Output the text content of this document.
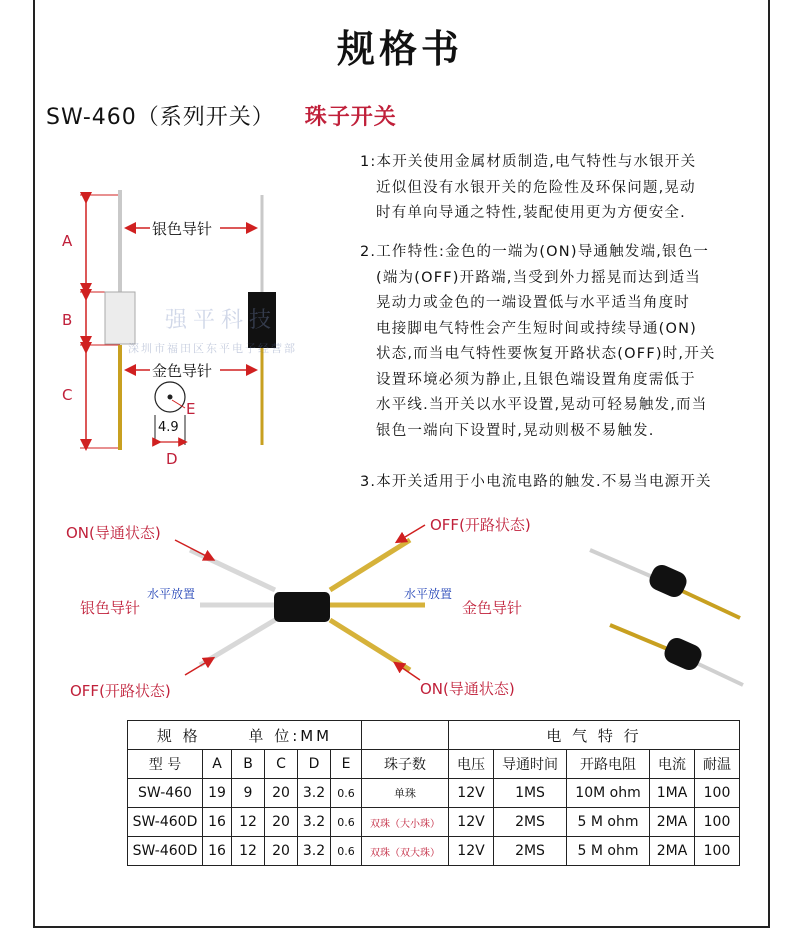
规格书
SW-460（系列开关） 珠子开关
1:本开关使用金属材质制造,电气特性与水银开关
近似但没有水银开关的危险性及环保问题,晃动
时有单向导通之特性,装配使用更为方便安全.
2.工作特性:金色的一端为(ON)导通触发端,银色一
(端为(OFF)开路端,当受到外力摇晃而达到适当
晃动力或金色的一端设置低与水平适当角度时
电接脚电气特性会产生短时间或持续导通(ON)
状态,而当电气特性要恢复开路状态(OFF)时,开关
设置环境必须为静止,且银色端设置角度需低于
水平线.当开关以水平设置,晃动可轻易触发,而当
银色一端向下设置时,晃动则极不易触发.
3.本开关适用于小电流电路的触发.不易当电源开关
A
B
C
银色导针
金色导针
E
4.9
D
强平科技
深圳市福田区东平电子经营部
ON(导通状态)	OFF(开路状态)
银色导针	金色导针
水平放置	水平放置
OFF(开路状态)	ON(导通状态)
规 格 单 位:MM							电 气 特 行				
型 号	A	B	C	D	E	珠子数	电压	导通时间	开路电阻	电流	耐温
SW-460	19	9	20	3.2	0.6	单珠	12V	1MS	10M ohm	1MA	100
SW-460D	16	12	20	3.2	0.6	双珠（大小珠）	12V	2MS	5 M ohm	2MA	100
SW-460D	16	12	20	3.2	0.6	双珠（双大珠）	12V	2MS	5 M ohm	2MA	100
